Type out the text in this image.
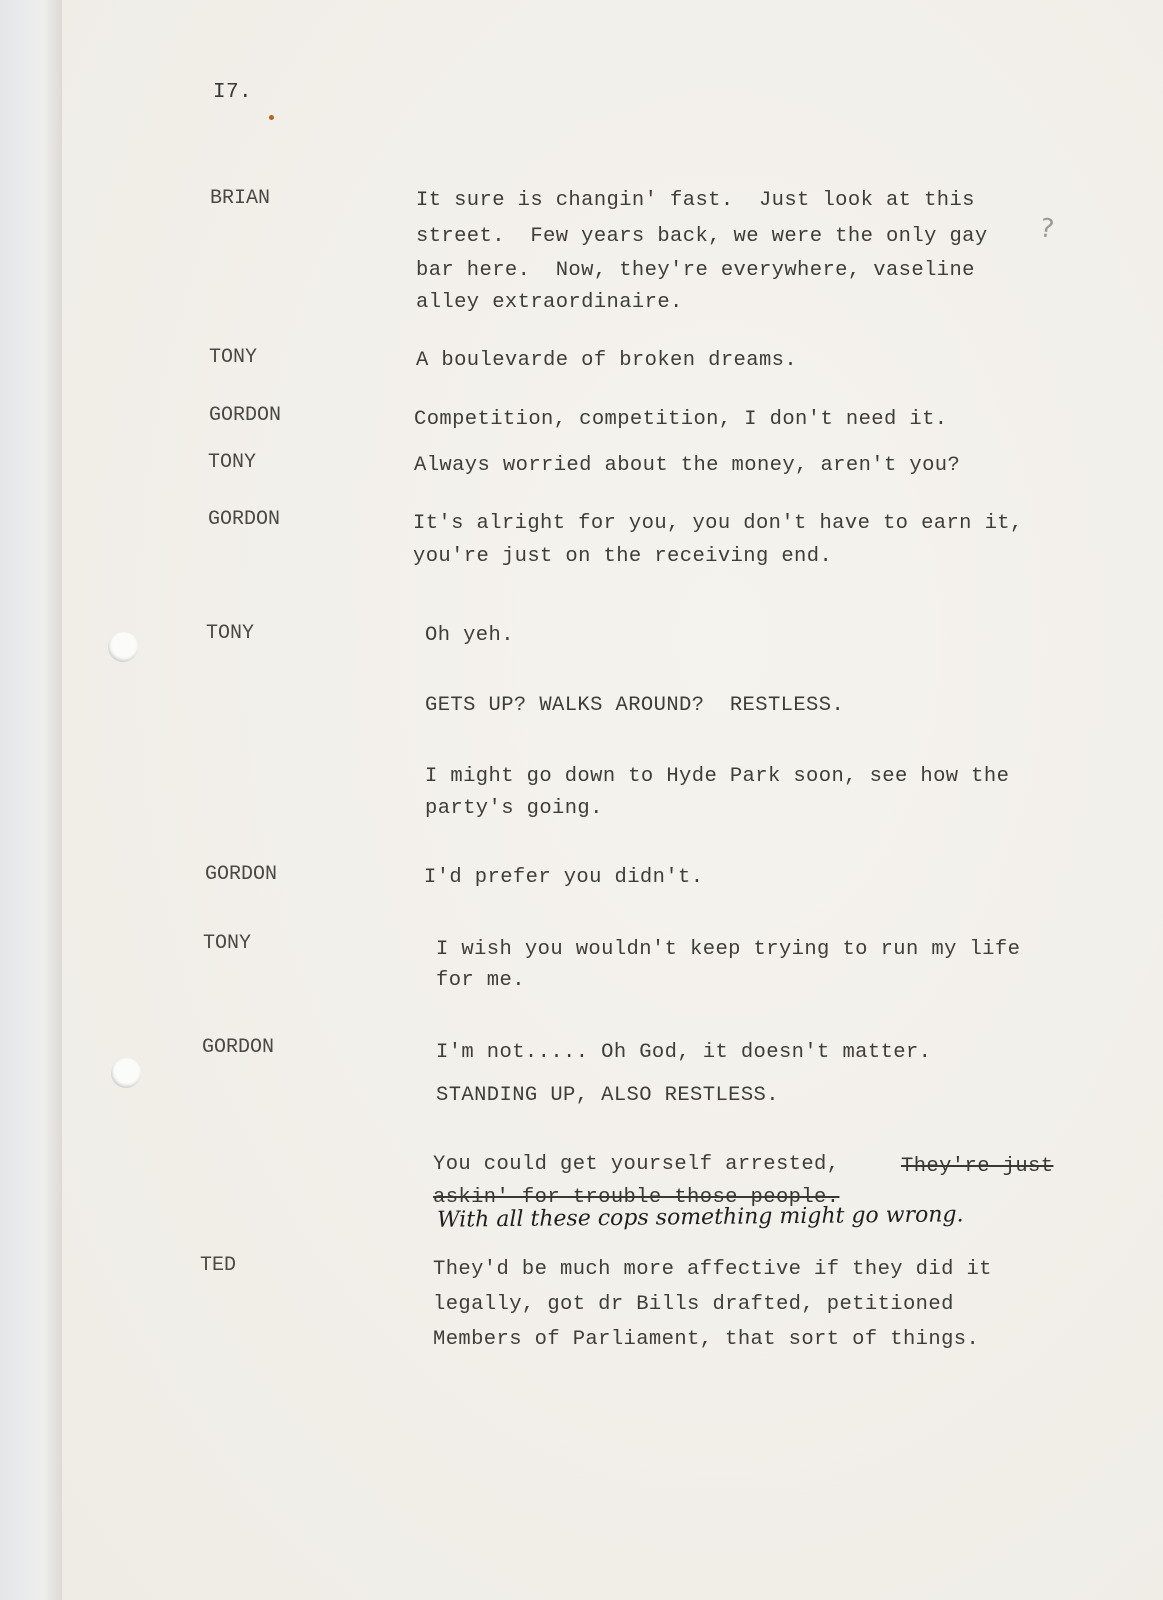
I7.

BRIAN	It sure is changin' fast.  Just look at this

street.  Few years back, we were the only gay

bar here.  Now, they're everywhere, vaseline

alley extraordinaire.

?

TONY	A boulevarde of broken dreams.

GORDON	Competition, competition, I don't need it.

TONY	Always worried about the money, aren't you?

GORDON	It's alright for you, you don't have to earn it,

you're just on the receiving end.

TONY	Oh yeh.

GETS UP? WALKS AROUND?  RESTLESS.

I might go down to Hyde Park soon, see how the

party's going.

GORDON	I'd prefer you didn't.

TONY	I wish you wouldn't keep trying to run my life

for me.

GORDON	I'm not..... Oh God, it doesn't matter.

STANDING UP, ALSO RESTLESS.

You could get yourself arrested,	They're just

askin' for trouble those people.

With all these cops something might go wrong.

TED	They'd be much more affective if they did it

legally, got dr Bills drafted, petitioned

Members of Parliament, that sort of things.
